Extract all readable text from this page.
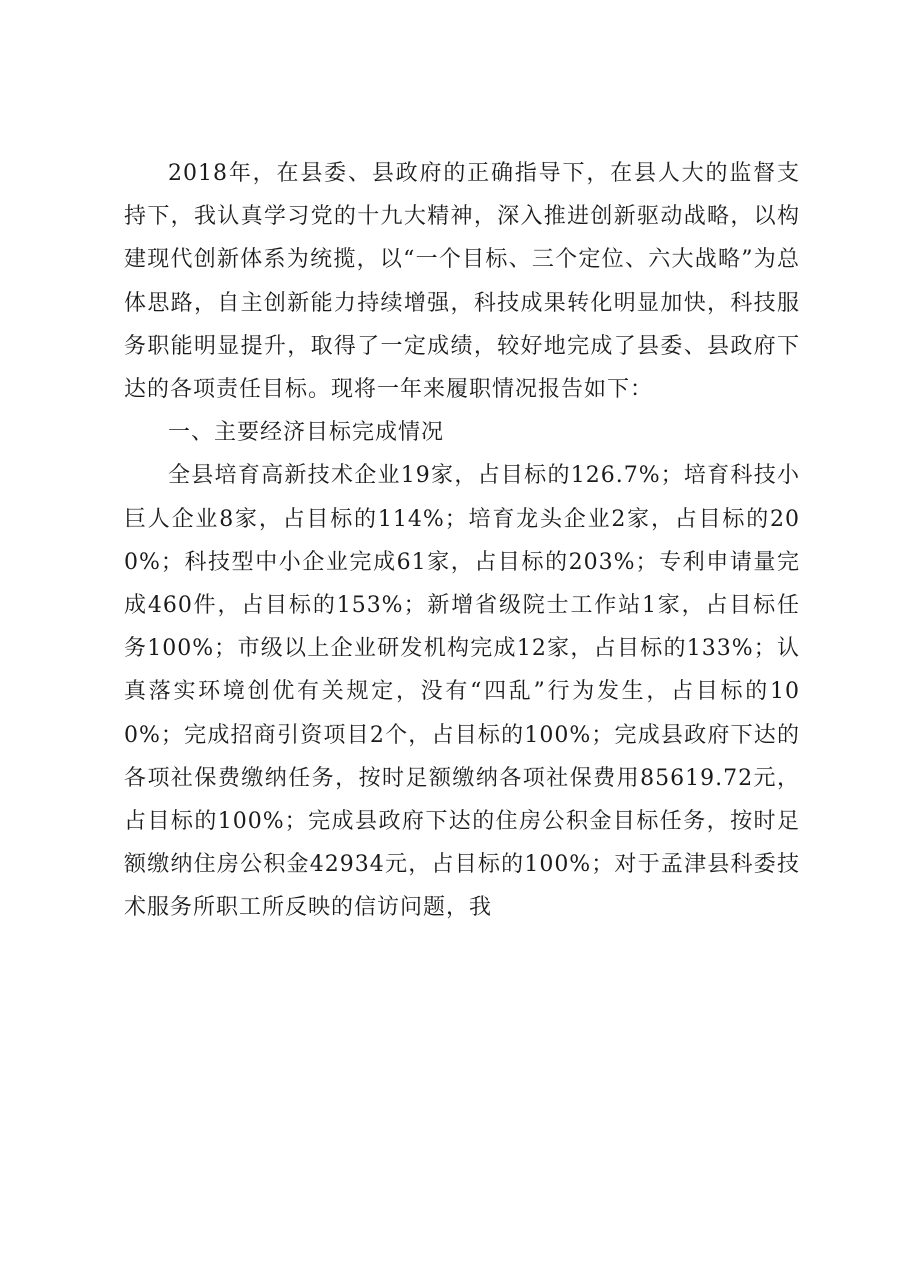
2018年，在县委、县政府的正确指导下，在县人大的监督支持下，我认真学习党的十九大精神，深入推进创新驱动战略，以构建现代创新体系为统揽，以“一个目标、三个定位、六大战略”为总体思路，自主创新能力持续增强，科技成果转化明显加快，科技服务职能明显提升，取得了一定成绩，较好地完成了县委、县政府下达的各项责任目标。现将一年来履职情况报告如下：

一、主要经济目标完成情况

全县培育高新技术企业19家，占目标的126.7%；培育科技小巨人企业8家，占目标的114%；培育龙头企业2家，占目标的200%；科技型中小企业完成61家，占目标的203%；专利申请量完成460件，占目标的153%；新增省级院士工作站1家，占目标任务100%；市级以上企业研发机构完成12家，占目标的133%；认真落实环境创优有关规定，没有“四乱”行为发生，占目标的100%；完成招商引资项目2个，占目标的100%；完成县政府下达的各项社保费缴纳任务，按时足额缴纳各项社保费用85619.72元，占目标的100%；完成县政府下达的住房公积金目标任务，按时足额缴纳住房公积金42934元，占目标的100%；对于孟津县科委技术服务所职工所反映的信访问题，我
